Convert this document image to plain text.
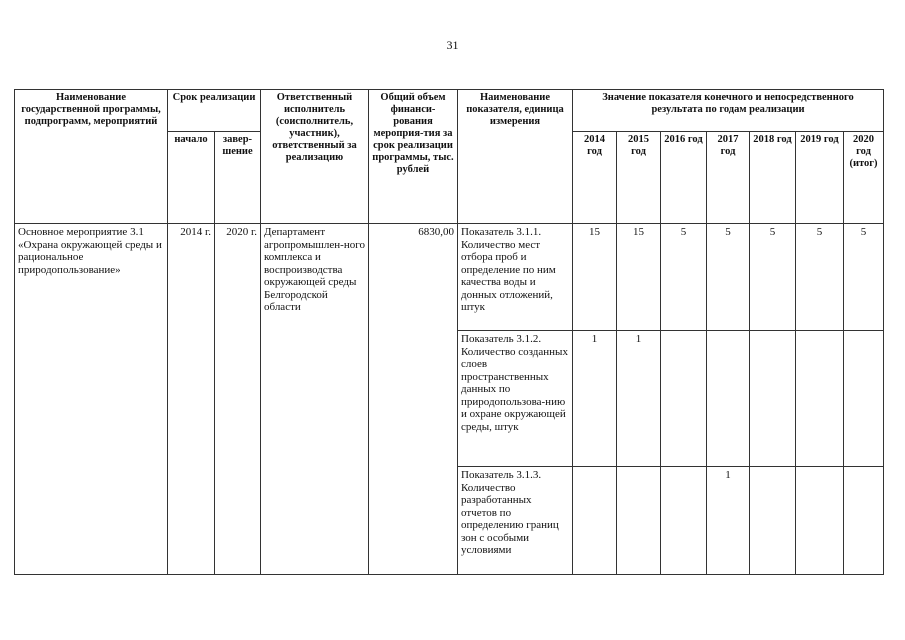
31
Наименование государственной программы, подпрограмм, мероприятий	Срок реализации		Ответственный исполнитель (соисполнитель, участник), ответственный за реализацию	Общий объем финанси-рования мероприя-тия за срок реализации программы, тыс. рублей	Наименование показателя, единица измерения	Значение показателя конечного и непосредственного результата по годам реализации						
	начало	завер-шение				2014 год	2015 год	2016 год	2017 год	2018 год	2019 год	2020 год (итог)
Основное мероприятие 3.1 «Охрана окружающей среды и рациональное природопользование»	2014 г.	2020 г.	Департамент агропромышлен-ного комплекса и воспроизводства окружающей среды Белгородской области	6830,00	Показатель 3.1.1. Количество мест отбора проб и определение по ним качества воды и донных отложений, штук	15	15	5	5	5	5	5
					Показатель 3.1.2. Количество созданных слоев пространственных данных по природопользова-нию и охране окружающей среды, штук	1	1					
					Показатель 3.1.3. Количество разработанных отчетов по определению границ зон с особыми условиями				1			
